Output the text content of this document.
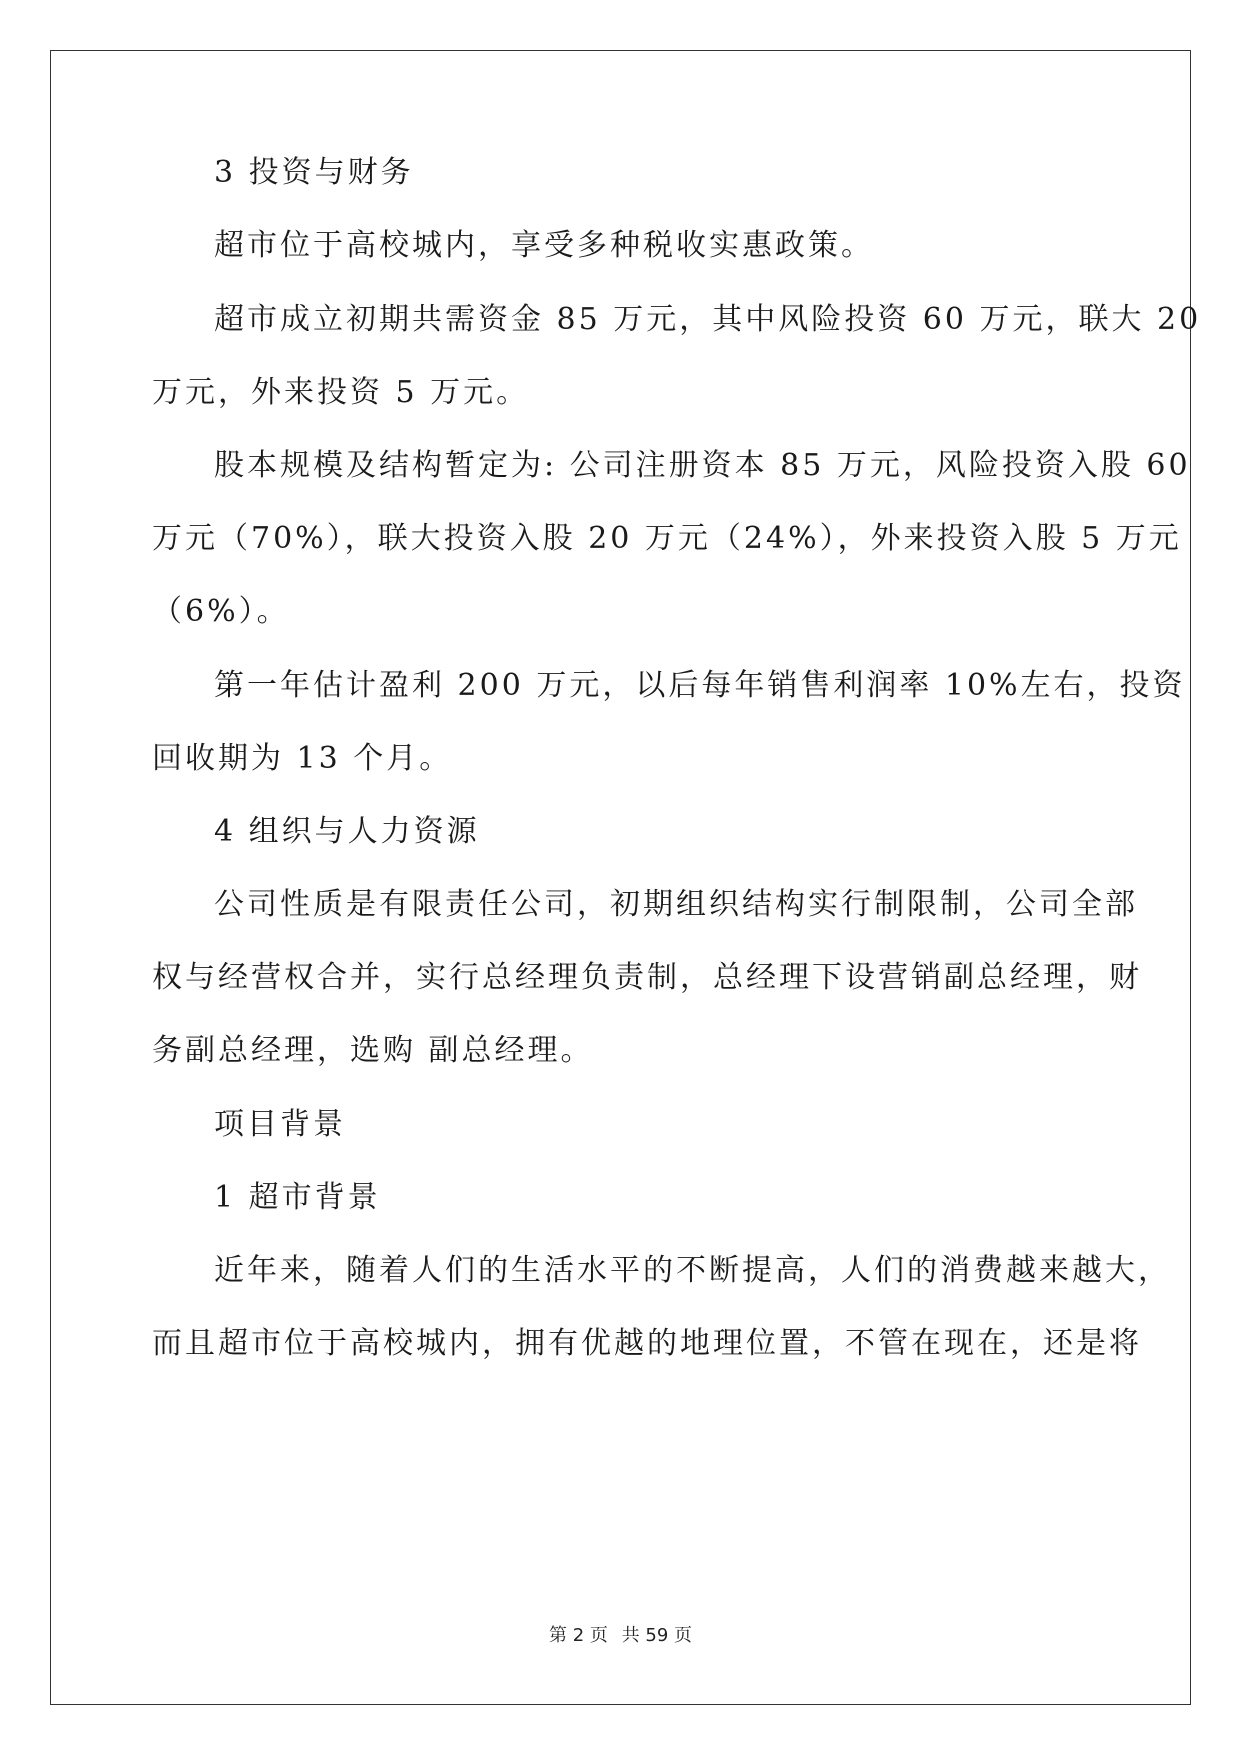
3 投资与财务
超市位于高校城内，享受多种税收实惠政策。
超市成立初期共需资金 85 万元，其中风险投资 60 万元，联大 20
万元，外来投资 5 万元。
股本规模及结构暂定为: 公司注册资本 85 万元，风险投资入股 60
万元（70%），联大投资入股 20 万元（24%），外来投资入股 5 万元
（6%）。
第一年估计盈利 200 万元，以后每年销售利润率 10%左右，投资
回收期为 13 个月。
4 组织与人力资源
公司性质是有限责任公司，初期组织结构实行制限制，公司全部
权与经营权合并，实行总经理负责制，总经理下设营销副总经理，财
务副总经理，选购 副总经理。
项目背景
1 超市背景
近年来，随着人们的生活水平的不断提高，人们的消费越来越大，
而且超市位于高校城内，拥有优越的地理位置，不管在现在，还是将
第 2 页 共 59 页
